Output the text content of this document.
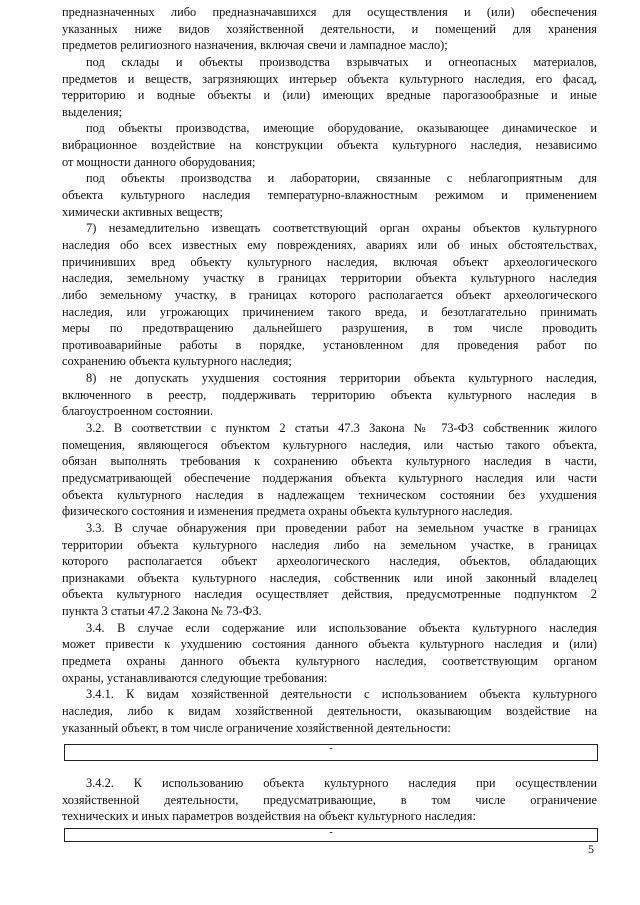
предназначенных либо предназначавшихся для осуществления и (или) обеспечения
указанных ниже видов хозяйственной деятельности, и помещений для хранения
предметов религиозного назначения, включая свечи и лампадное масло);
под склады и объекты производства взрывчатых и огнеопасных материалов,
предметов и веществ, загрязняющих интерьер объекта культурного наследия, его фасад,
территорию и водные объекты и (или) имеющих вредные парогазообразные и иные
выделения;
под объекты производства, имеющие оборудование, оказывающее динамическое и
вибрационное воздействие на конструкции объекта культурного наследия, независимо
от мощности данного оборудования;
под объекты производства и лаборатории, связанные с неблагоприятным для
объекта культурного наследия температурно-влажностным режимом и применением
химически активных веществ;
7) незамедлительно извещать соответствующий орган охраны объектов культурного
наследия обо всех известных ему повреждениях, авариях или об иных обстоятельствах,
причинивших вред объекту культурного наследия, включая объект археологического
наследия, земельному участку в границах территории объекта культурного наследия
либо земельному участку, в границах которого располагается объект археологического
наследия, или угрожающих причинением такого вреда, и безотлагательно принимать
меры по предотвращению дальнейшего разрушения, в том числе проводить
противоаварийные работы в порядке, установленном для проведения работ по
сохранению объекта культурного наследия;
8) не допускать ухудшения состояния территории объекта культурного наследия,
включенного в реестр, поддерживать территорию объекта культурного наследия в
благоустроенном состоянии.
3.2. В соответствии с пунктом 2 статьи 47.3 Закона № 73-ФЗ собственник жилого
помещения, являющегося объектом культурного наследия, или частью такого объекта,
обязан выполнять требования к сохранению объекта культурного наследия в части,
предусматривающей обеспечение поддержания объекта культурного наследия или части
объекта культурного наследия в надлежащем техническом состоянии без ухудшения
физического состояния и изменения предмета охраны объекта культурного наследия.
3.3. В случае обнаружения при проведении работ на земельном участке в границах
территории объекта культурного наследия либо на земельном участке, в границах
которого располагается объект археологического наследия, объектов, обладающих
признаками объекта культурного наследия, собственник или иной законный владелец
объекта культурного наследия осуществляет действия, предусмотренные подпунктом 2
пункта 3 статьи 47.2 Закона № 73-ФЗ.
3.4. В случае если содержание или использование объекта культурного наследия
может привести к ухудшению состояния данного объекта культурного наследия и (или)
предмета охраны данного объекта культурного наследия, соответствующим органом
охраны, устанавливаются следующие требования:
3.4.1. К видам хозяйственной деятельности с использованием объекта культурного
наследия, либо к видам хозяйственной деятельности, оказывающим воздействие на
указанный объект, в том числе ограничение хозяйственной деятельности:
-
3.4.2. К использованию объекта культурного наследия при осуществлении
хозяйственной деятельности, предусматривающие, в том числе ограничение
технических и иных параметров воздействия на объект культурного наследия:
-
5
